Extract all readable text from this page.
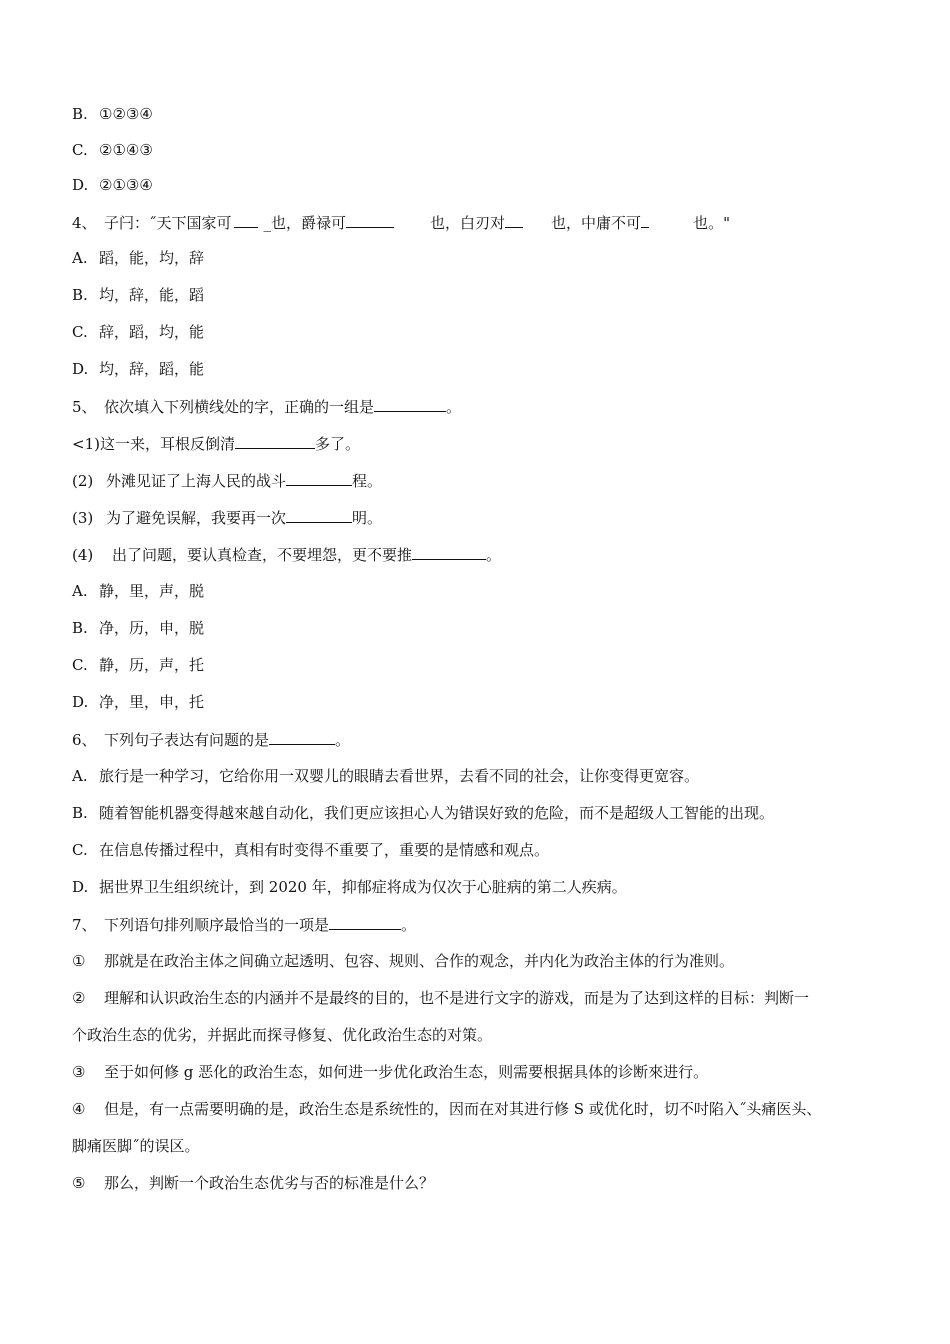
B. ①②③④
C. ②①④③
D. ②①③④
4、 子闩：˝天下国家可 _也，爵禄可	也，白刃对	也，中庸不可	也。"
A. 蹈，能，均，辞
B. 均，辞，能，蹈
C. 辞，蹈，均，能
D. 均，辞，蹈，能
5、 依次填入下列横线处的字，正确的一组是	。
<1)这一来，耳根反倒清	多了。
(2) 外滩见证了上海人民的战斗	程。
(3) 为了避免误解，我要再一次	明。
(4) 出了问题，要认真检查，不要埋怨，更不要推	。
A. 静，里，声，脱
B. 净，历，申，脱
C. 静，历，声，托
D. 净，里，申，托
6、 下列句子表达有问题的是	。
A. 旅行是一种学习，它给你用一双婴儿的眼睛去看世界，去看不同的社会，让你变得更宽容。
B. 随着智能机器变得越來越自动化，我们更应该担心人为错误好致的危险，而不是超级人工智能的出现。
C. 在信息传播过程中，真相有时变得不重要了，重要的是情感和观点。
D. 据世界卫生组织统计，到 2020 年，抑郁症将成为仅次于心脏病的第二人疾病。
7、 下列语句排列顺序最恰当的一项是	。
① 那就是在政治主体之间确立起透明、包容、规则、合作的观念，并内化为政治主体的行为准则。
② 理解和认识政治生态的内涵并不是最终的目的，也不是进行文字的游戏，而是为了达到这样的目标：判断一
个政治生态的优劣，并据此而探寻修复、优化政治生态的对策。
③ 至于如何修 g 恶化的政治生态，如何进一步优化政治生态，则需要根据具体的诊断來进行。
④ 但是，有一点需要明确的是，政治生态是系统性的，因而在对其进行修 S 或优化时，切不吋陷入˝头痛医头、
脚痛医脚˝的误区。
⑤ 那么，判断一个政治生态优劣与否的标准是什么？
